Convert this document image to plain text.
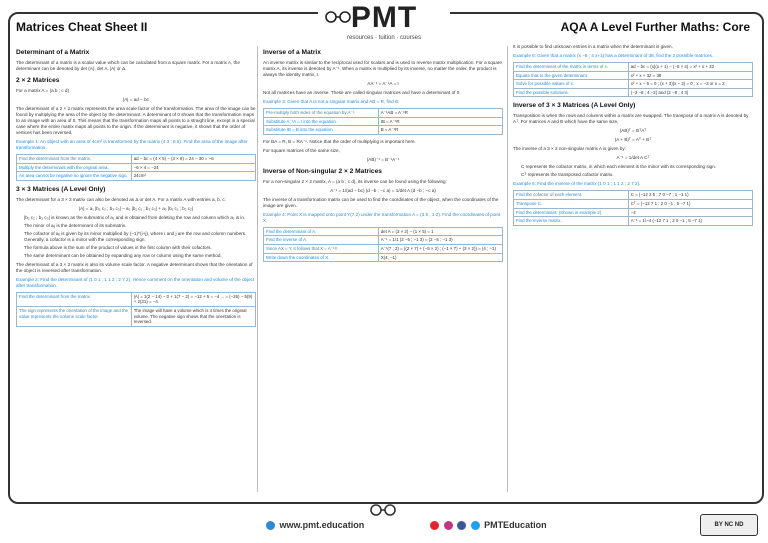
Matrices Cheat Sheet II	AQA A Level Further Maths: Core
PMT
resources · tuition · courses
Determinant of a Matrix
The determinant of a matrix is a scalar value which can be calculated from a square matrix. For a matrix A, the determinant can be denoted by det (A), det A, |A| or Δ.
2 × 2 Matrices
For a matrix A = (a b ; c d)
|A| = ad − bc
The determinant of a 2 × 2 matrix represents the area scale factor of the transformation. The area of the image can be found by multiplying the area of the object by the determinant. A determinant of 0 shows that the transformation maps to an image with an area of 0. This means that the transformation maps all points to a straight line, except in a special case where the entire matrix maps all points to the origin. If the determinant is negative, it shows that the order of vertices has been reversed.
Example 1: An object with an area of 4cm² is transformed by the matrix (4 3 ; 8 5). Find the area of the image after transformation.
Find the determinant from the matrix.	ad − bc = (4 × 5) − (3 × 8) = 24 − 30 = −6
Multiply the determinant with the original area.	−6 × 4 = −24
An area cannot be negative so ignore the negative sign.	24cm²
3 × 3 Matrices (A Level Only)
The determinant for a 3 × 3 matrix can also be denoted as Δ or det A. For a matrix A with entries a, b, c:
|A| = a₁ |b₂ c₂ ; b₃ c₃| − a₂ |b₁ c₁ ; b₃ c₃| + a₃ |b₁ c₁ ; b₂ c₂|
• |b₂ c₂ ; b₃ c₃| is known as the submatrix of a₁ and is obtained from deleting the row and column which a₁ is in.
• The minor of aᵢⱼ is the determinant of its submatrix.
• The cofactor of aᵢⱼ is given by its minor multiplied by (−1)^(i+j), where i and j are the row and column numbers. Generally, a cofactor is a minor with the corresponding sign.
• The formula above is the sum of the product of values in the first column with their cofactors.
• The same determinant can be obtained by expanding any row or column using the same method.
The determinant of a 3 × 3 matrix is also its volume scale factor. A negative determinant shows that the orientation of the object is reversed after transformation.
Example 2: Find the determinant of (1 0 1 ; 1 1 2 ; 2 7 2). Hence comment on the orientation and volume of the object after transformation.
Find the determinant from the matrix.	|A| = 1(2 − 14) − 0 + 1(7 − 2) = −12 + 5 = −4 ... = (−26) − 5(9) + 2(31) = −4
The sign represents the orientation of the image and the value represents the volume scale factor.	The image will have a volume which is 4 times the original volume. The negative sign shows that the orientation is reversed.
Inverse of a Matrix
An inverse matrix is similar to the reciprocal used for scalars and is used to reverse matrix multiplication. For a square matrix A, its inverse is denoted by A⁻¹. When a matrix is multiplied by its inverse, no matter the order, the product is always the identity matrix, I.
AA⁻¹ = A⁻¹A = I
Not all matrices have an inverse. These are called singular matrices and have a determinant of 0.
Example 3: Given that A is not a singular matrix and AB = R, find B.
Pre-multiply both sides of the equation by A⁻¹.	A⁻¹AB = A⁻¹R
Substitute A⁻¹A = I into the equation.	IB = A⁻¹R
Substitute IB = B into the equation.	B = A⁻¹R
For BA = R, B = RA⁻¹. Notice that the order of multiplying is important here.
For square matrices of the same size,
(AB)⁻¹ = B⁻¹A⁻¹
Inverse of Non-singular 2 × 2 Matrices
For a non-singular 2 × 2 matrix, A = (a b ; c d), its inverse can be found using the following:
A⁻¹ = 1/(ad − bc) (d −b ; −c a) = 1/det A (d −b ; −c a)
The inverse of a transformation matrix can be used to find the coordinates of the object, when the coordinates of the image are given.
Example 4: Point X is mapped onto point Y(7,2) under the transformation A = (3 5 ; 1 2). Find the coordinates of point X.
Find the determinant of A.	det A = (3 × 2) − (1 × 5) = 1
Find the inverse of A.	A⁻¹ = 1/1 (2 −5 ; −1 3) = (2 −5 ; −1 3)
Since AX = Y, it follows that X = A⁻¹Y.	A⁻¹(7 ; 2) = ((2 × 7) + (−5 × 2) ; (−1 × 7) + (3 × 2)) = (4 ; −1)
Write down the coordinates of X.	X(4, −1)
It is possible to find unknown entries in a matrix when the determinant is given.
Example 5: Given that a matrix (x −8 ; 4 x+1) has a determinant of 38, find the 2 possible matrices.
Find the determinant of the matrix in terms of x.	ad − bc = (x)(x + 1) − (−8 × 4) = x² + x + 32
Equate that to the given determinant.	x² + x + 32 = 38
Solve for possible values of x.	x² + x − 6 = 0 ; (x + 3)(x − 2) = 0 ; x = −3 or x = 2
Find the possible solutions.	(−3 −8 ; 4 −2) and (2 −8 ; 4 3)
Inverse of 3 × 3 Matrices (A Level Only)
Transposition is when the rows and columns within a matrix are swapped. The transpose of a matrix A is denoted by Aᵀ. For matrices A and B which have the same size,
(AB)ᵀ = BᵀAᵀ
(A + B)ᵀ = Aᵀ + Bᵀ
The inverse of a 3 × 3 non-singular matrix A is given by:
A⁻¹ = 1/det A Cᵀ
• C represents the cofactor matrix, in which each element is the minor with its corresponding sign.
• Cᵀ represents the transposed cofactor matrix.
Example 6: Find the inverse of the matrix (1 0 1 ; 1 1 2 ; 2 7 2).
Find the cofactor of each element.	C = (−12 2 5 ; 7 0 −7 ; 1 −1 1)
Transpose C.	Cᵀ = (−12 7 1 ; 2 0 −1 ; 5 −7 1)
Find the determinant. (Shown in example 2)	−4
Find the inverse matrix.	A⁻¹ = 1/−4 (−12 7 1 ; 2 0 −1 ; 5 −7 1)
www.pmt.education	PMTEducation	BY NC ND
